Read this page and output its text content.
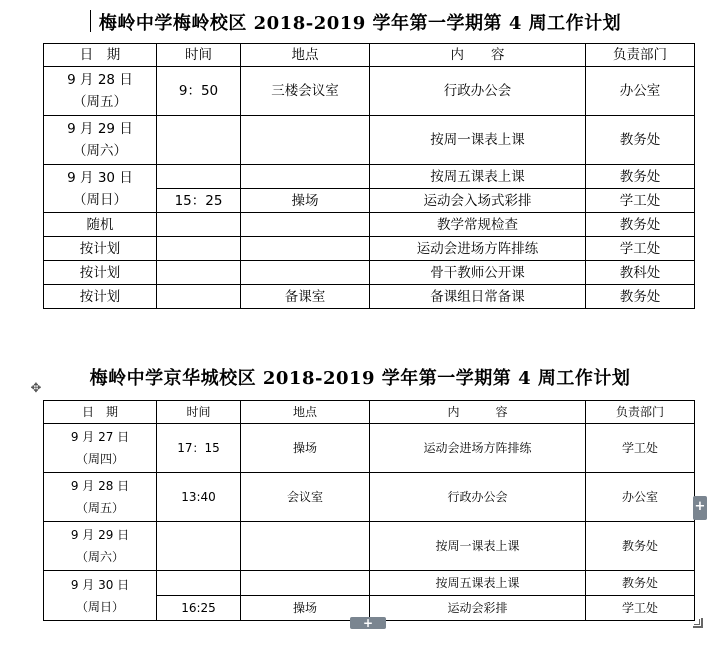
梅岭中学梅岭校区 2018-2019 学年第一学期第 4 周工作计划
日　期	时间	地点	内　　容	负责部门
9 月 28 日
（周五）	9：50	三楼会议室	行政办公会	办公室
9 月 29 日
（周六）			按周一课表上课	教务处
9 月 30 日
（周日）			按周五课表上课	教务处
	15：25	操场	运动会入场式彩排	学工处
随机			教学常规检查	教务处
按计划			运动会进场方阵排练	学工处
按计划			骨干教师公开课	教科处
按计划		备课室	备课组日常备课	教务处
✥	梅岭中学京华城校区 2018-2019 学年第一学期第 4 周工作计划
日　期	时间	地点	内　　　容	负责部门
9 月 27 日
（周四）	17：15	操场	运动会进场方阵排练	学工处
9 月 28 日
（周五）	13:40	会议室	行政办公会	办公室
9 月 29 日
（周六）			按周一课表上课	教务处
9 月 30 日
（周日）			按周五课表上课	教务处
	16:25	操场	运动会彩排	学工处
+
+
